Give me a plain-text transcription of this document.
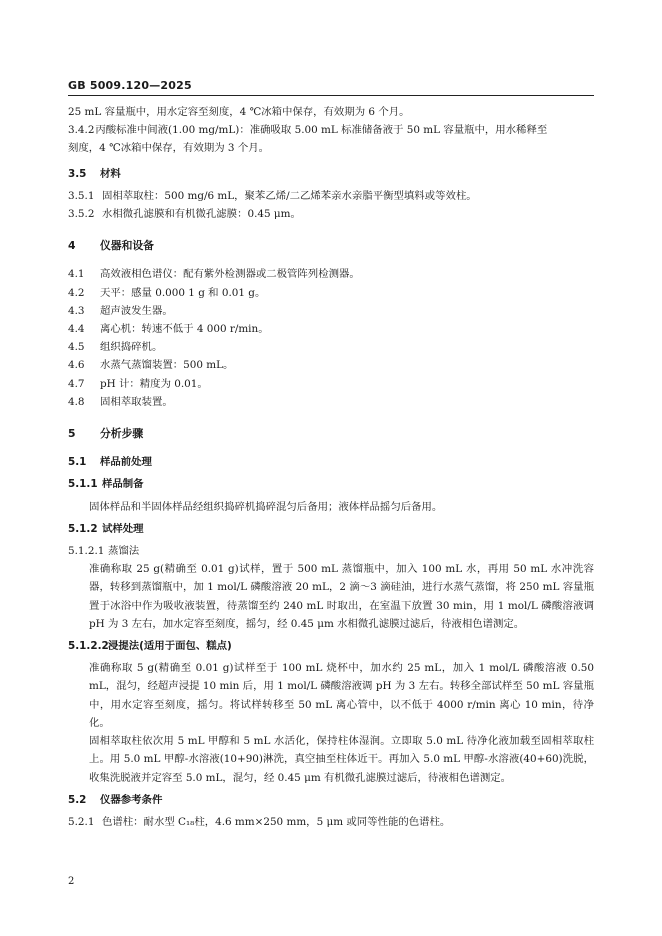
GB 5009.120—2025

25 mL 容量瓶中，用水定容至刻度，4 ℃冰箱中保存，有效期为 6 个月。

3.4.2 丙酸标准中间液(1.00 mg/mL)：准确吸取 5.00 mL 标准储备液于 50 mL 容量瓶中，用水稀释至

刻度，4 ℃冰箱中保存，有效期为 3 个月。

3.5 材料

3.5.1 固相萃取柱：500 mg/6 mL，聚苯乙烯/二乙烯苯亲水亲脂平衡型填料或等效柱。

3.5.2 水相微孔滤膜和有机微孔滤膜：0.45 μm。

4 仪器和设备

4.1 高效液相色谱仪：配有紫外检测器或二极管阵列检测器。

4.2 天平：感量 0.000 1 g 和 0.01 g。

4.3 超声波发生器。

4.4 离心机：转速不低于 4 000 r/min。

4.5 组织捣碎机。

4.6 水蒸气蒸馏装置：500 mL。

4.7 pH 计：精度为 0.01。

4.8 固相萃取装置。

5 分析步骤

5.1 样品前处理

5.1.1 样品制备

固体样品和半固体样品经组织捣碎机捣碎混匀后备用；液体样品摇匀后备用。

5.1.2 试样处理

5.1.2.1 蒸馏法

准确称取 25 g(精确至 0.01 g)试样，置于 500 mL 蒸馏瓶中，加入 100 mL 水，再用 50 mL 水冲洗容器，转移到蒸馏瓶中，加 1 mol/L 磷酸溶液 20 mL，2 滴～3 滴硅油，进行水蒸气蒸馏，将 250 mL 容量瓶置于冰浴中作为吸收液装置，待蒸馏至约 240 mL 时取出，在室温下放置 30 min，用 1 mol/L 磷酸溶液调 pH 为 3 左右，加水定容至刻度，摇匀，经 0.45 μm 水相微孔滤膜过滤后，待液相色谱测定。

5.1.2.2浸提法(适用于面包、糕点)

准确称取 5 g(精确至 0.01 g)试样至于 100 mL 烧杯中，加水约 25 mL，加入 1 mol/L 磷酸溶液 0.50 mL，混匀，经超声浸提 10 min 后，用 1 mol/L 磷酸溶液调 pH 为 3 左右。转移全部试样至 50 mL 容量瓶中，用水定容至刻度，摇匀。将试样转移至 50 mL 离心管中，以不低于 4000 r/min 离心 10 min，待净化。

固相萃取柱依次用 5 mL 甲醇和 5 mL 水活化，保持柱体湿润。立即取 5.0 mL 待净化液加载至固相萃取柱上。用 5.0 mL 甲醇-水溶液(10+90)淋洗，真空抽至柱体近干。再加入 5.0 mL 甲醇-水溶液(40+60)洗脱，收集洗脱液并定容至 5.0 mL，混匀，经 0.45 μm 有机微孔滤膜过滤后，待液相色谱测定。

5.2 仪器参考条件

5.2.1 色谱柱：耐水型 C₁₈柱，4.6 mm×250 mm，5 μm 或同等性能的色谱柱。

2
